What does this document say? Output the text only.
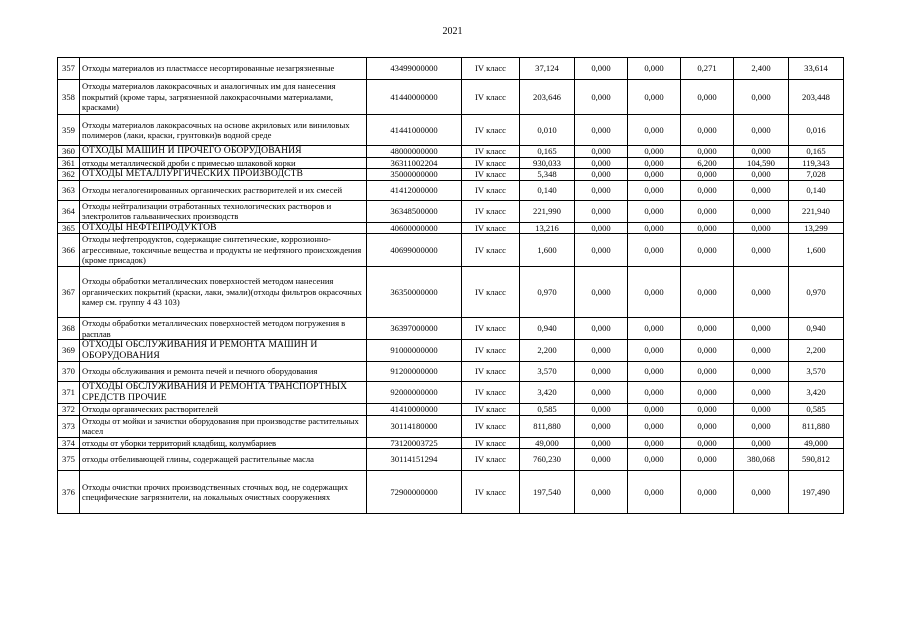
2021
357	Отходы материалов из пластмассе несортированные незагрязненные	43499000000	IV класс	37,124	0,000	0,000	0,271	2,400	33,614
358	Отходы материалов лакокрасочных и аналогичных им для нанесения покрытий (кроме тары, загрязненной лакокрасочными материалами, красками)	41440000000	IV класс	203,646	0,000	0,000	0,000	0,000	203,448
359	Отходы материалов лакокрасочных на основе акриловых или виниловых полимеров (лаки, краски, грунтовки)в водной среде	41441000000	IV класс	0,010	0,000	0,000	0,000	0,000	0,016
360	ОТХОДЫ МАШИН И ПРОЧЕГО ОБОРУДОВАНИЯ	48000000000	IV класс	0,165	0,000	0,000	0,000	0,000	0,165
361	отходы металлической дроби с примесью шлаковой корки	36311002204	IV класс	930,033	0,000	0,000	6,200	104,590	119,343
362	ОТХОДЫ МЕТАЛЛУРГИЧЕСКИХ ПРОИЗВОДСТВ	35000000000	IV класс	5,348	0,000	0,000	0,000	0,000	7,028
363	Отходы негалогенированных органических растворителей и их смесей	41412000000	IV класс	0,140	0,000	0,000	0,000	0,000	0,140
364	Отходы нейтрализации отработанных технологических растворов и электролитов гальванических производств	36348500000	IV класс	221,990	0,000	0,000	0,000	0,000	221,940
365	ОТХОДЫ НЕФТЕПРОДУКТОВ	40600000000	IV класс	13,216	0,000	0,000	0,000	0,000	13,299
366	Отходы нефтепродуктов, содержащие синтетические, коррозионно-агрессивные, токсичные вещества и продукты не нефтяного происхождения (кроме присадок)	40699000000	IV класс	1,600	0,000	0,000	0,000	0,000	1,600
367	Отходы обработки металлических поверхностей методом нанесения органических покрытий (краски, лаки, эмали)(отходы фильтров окрасочных камер см. группу 4 43 103)	36350000000	IV класс	0,970	0,000	0,000	0,000	0,000	0,970
368	Отходы обработки металлических поверхностей методом погружения в расплав	36397000000	IV класс	0,940	0,000	0,000	0,000	0,000	0,940
369	ОТХОДЫ ОБСЛУЖИВАНИЯ И РЕМОНТА МАШИН И ОБОРУДОВАНИЯ	91000000000	IV класс	2,200	0,000	0,000	0,000	0,000	2,200
370	Отходы обслуживания и ремонта печей и печного оборудования	91200000000	IV класс	3,570	0,000	0,000	0,000	0,000	3,570
371	ОТХОДЫ ОБСЛУЖИВАНИЯ И РЕМОНТА ТРАНСПОРТНЫХ СРЕДСТВ ПРОЧИЕ	92000000000	IV класс	3,420	0,000	0,000	0,000	0,000	3,420
372	Отходы органических растворителей	41410000000	IV класс	0,585	0,000	0,000	0,000	0,000	0,585
373	Отходы от мойки и зачистки оборудования при производстве растительных масел	30114180000	IV класс	811,880	0,000	0,000	0,000	0,000	811,880
374	отходы от уборки территорий кладбищ, колумбариев	73120003725	IV класс	49,000	0,000	0,000	0,000	0,000	49,000
375	отходы отбеливающей глины, содержащей растительные масла	30114151294	IV класс	760,230	0,000	0,000	0,000	380,068	590,812
376	Отходы очистки прочих производственных сточных вод, не содержащих специфические загрязнители, на локальных очистных сооружениях	72900000000	IV класс	197,540	0,000	0,000	0,000	0,000	197,490
